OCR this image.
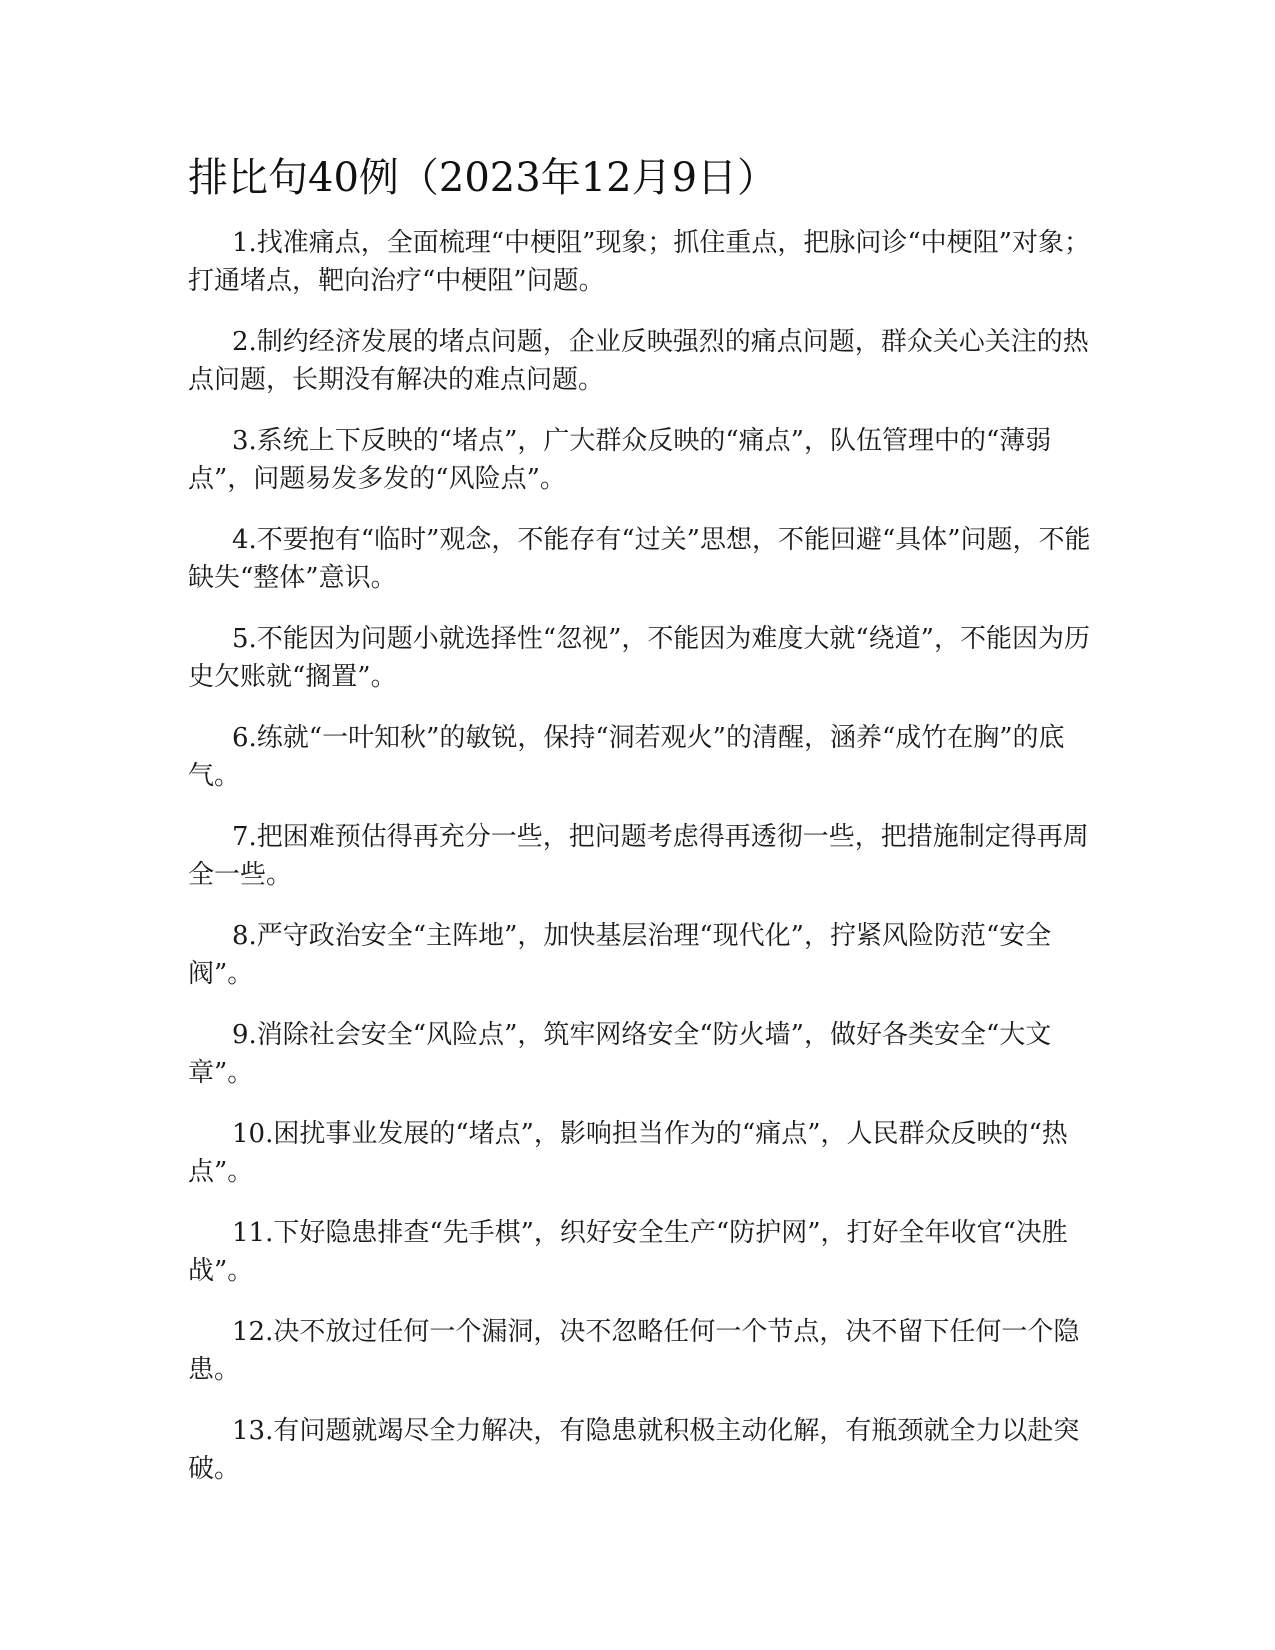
排比句40例（2023年12月9日）

1.找准痛点，全面梳理“中梗阻”现象；抓住重点，把脉问诊“中梗阻”对象；打通堵点，靶向治疗“中梗阻”问题。

2.制约经济发展的堵点问题，企业反映强烈的痛点问题，群众关心关注的热点问题，长期没有解决的难点问题。

3.系统上下反映的“堵点”，广大群众反映的“痛点”，队伍管理中的“薄弱点”，问题易发多发的“风险点”。

4.不要抱有“临时”观念，不能存有“过关”思想，不能回避“具体”问题，不能缺失“整体”意识。

5.不能因为问题小就选择性“忽视”，不能因为难度大就“绕道”，不能因为历史欠账就“搁置”。

6.练就“一叶知秋”的敏锐，保持“洞若观火”的清醒，涵养“成竹在胸”的底气。

7.把困难预估得再充分一些，把问题考虑得再透彻一些，把措施制定得再周全一些。

8.严守政治安全“主阵地”，加快基层治理“现代化”，拧紧风险防范“安全阀”。

9.消除社会安全“风险点”，筑牢网络安全“防火墙”，做好各类安全“大文章”。

10.困扰事业发展的“堵点”，影响担当作为的“痛点”，人民群众反映的“热点”。

11.下好隐患排查“先手棋”，织好安全生产“防护网”，打好全年收官“决胜战”。

12.决不放过任何一个漏洞，决不忽略任何一个节点，决不留下任何一个隐患。

13.有问题就竭尽全力解决，有隐患就积极主动化解，有瓶颈就全力以赴突破。
